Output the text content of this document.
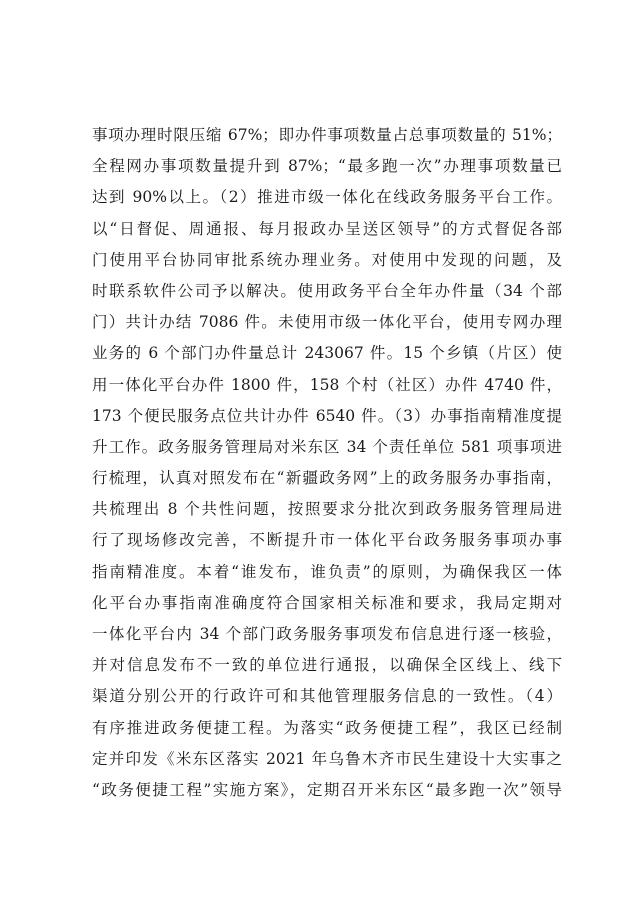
事项办理时限压缩 67%；即办件事项数量占总事项数量的 51%；
全程网办事项数量提升到 87%；“最多跑一次”办理事项数量已
达到 90%以上。（2）推进市级一体化在线政务服务平台工作。
以“日督促、周通报、每月报政办呈送区领导”的方式督促各部
门使用平台协同审批系统办理业务。对使用中发现的问题，及
时联系软件公司予以解决。使用政务平台全年办件量（34 个部
门）共计办结 7086 件。未使用市级一体化平台，使用专网办理
业务的 6 个部门办件量总计 243067 件。15 个乡镇（片区）使
用一体化平台办件 1800 件，158 个村（社区）办件 4740 件，
173 个便民服务点位共计办件 6540 件。（3）办事指南精准度提
升工作。政务服务管理局对米东区 34 个责任单位 581 项事项进
行梳理，认真对照发布在“新疆政务网”上的政务服务办事指南，
共梳理出 8 个共性问题，按照要求分批次到政务服务管理局进
行了现场修改完善，不断提升市一体化平台政务服务事项办事
指南精准度。本着“谁发布，谁负责”的原则，为确保我区一体
化平台办事指南准确度符合国家相关标准和要求，我局定期对
一体化平台内 34 个部门政务服务事项发布信息进行逐一核验，
并对信息发布不一致的单位进行通报，以确保全区线上、线下
渠道分别公开的行政许可和其他管理服务信息的一致性。（4）
有序推进政务便捷工程。为落实“政务便捷工程”，我区已经制
定并印发《米东区落实 2021 年乌鲁木齐市民生建设十大实事之
“政务便捷工程”实施方案》，定期召开米东区“最多跑一次”领导
